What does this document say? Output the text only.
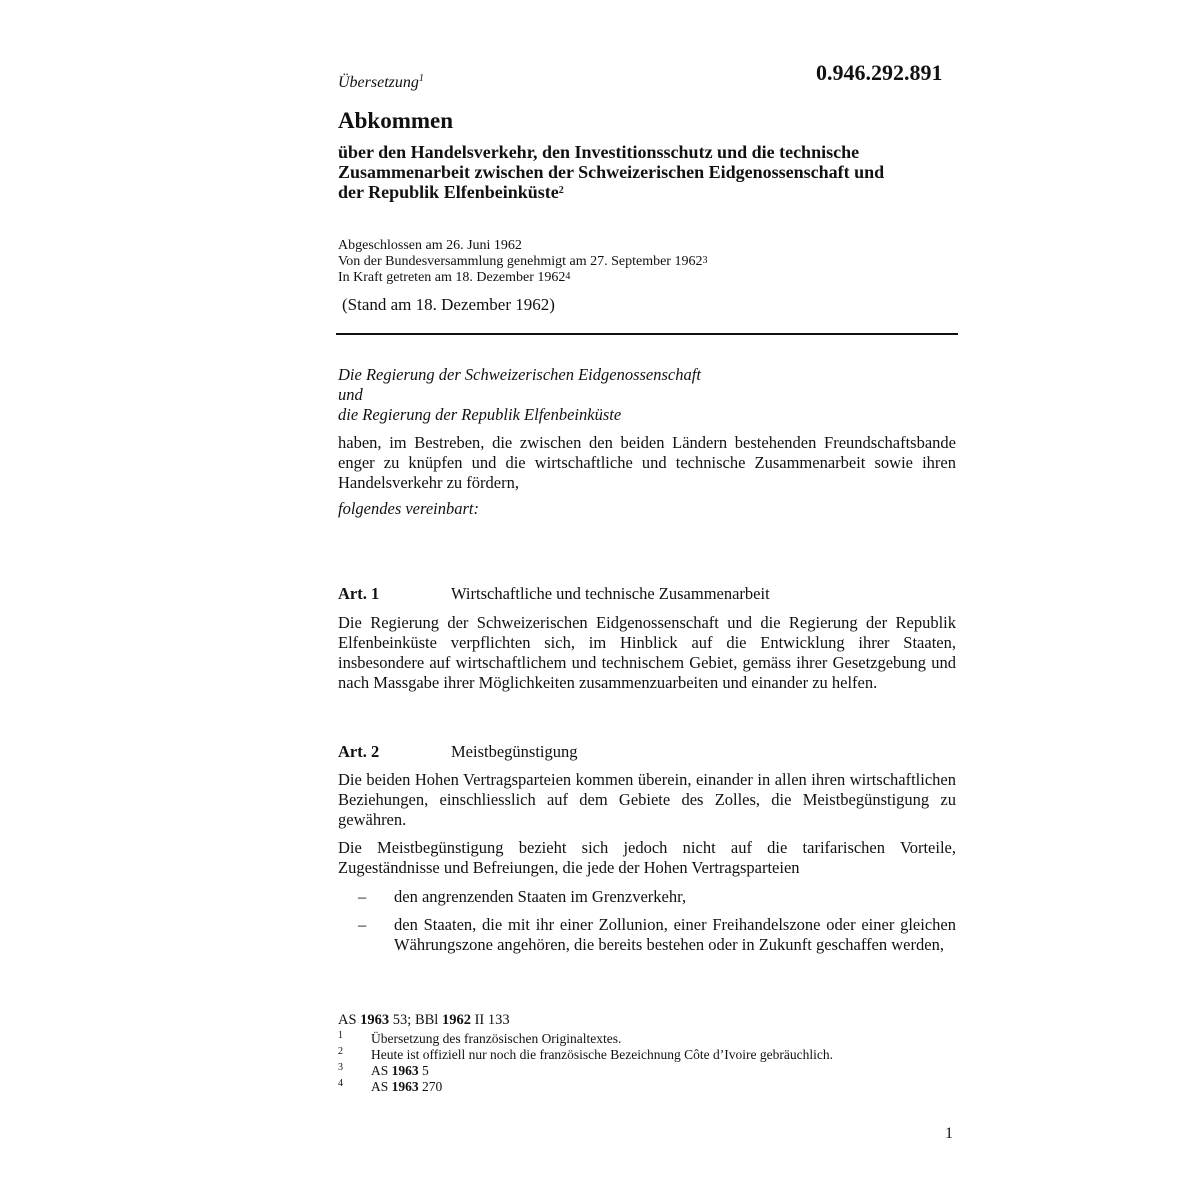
Übersetzung$^1$	0.946.292.891
Abkommen
über den Handelsverkehr, den Investitionsschutz und die technische
Zusammenarbeit zwischen der Schweizerischen Eidgenossenschaft und
der Republik Elfenbeinküste$^2$
Abgeschlossen am 26. Juni 1962
Von der Bundesversammlung genehmigt am 27. September 1962$^3$
In Kraft getreten am 18. Dezember 1962$^4$
(Stand am 18. Dezember 1962)
Die Regierung der Schweizerischen Eidgenossenschaft
und
die Regierung der Republik Elfenbeinküste
haben, im Bestreben, die zwischen den beiden Ländern bestehenden Freundschaftsbande enger zu knüpfen und die wirtschaftliche und technische Zusammenarbeit sowie ihren Handelsverkehr zu fördern,
folgendes vereinbart:
Art. 1	Wirtschaftliche und technische Zusammenarbeit
Die Regierung der Schweizerischen Eidgenossenschaft und die Regierung der Republik Elfenbeinküste verpflichten sich, im Hinblick auf die Entwicklung ihrer Staaten, insbesondere auf wirtschaftlichem und technischem Gebiet, gemäss ihrer Gesetzgebung und nach Massgabe ihrer Möglichkeiten zusammenzuarbeiten und einander zu helfen.
Art. 2	Meistbegünstigung
Die beiden Hohen Vertragsparteien kommen überein, einander in allen ihren wirtschaftlichen Beziehungen, einschliesslich auf dem Gebiete des Zolles, die Meistbegünstigung zu gewähren.
Die Meistbegünstigung bezieht sich jedoch nicht auf die tarifarischen Vorteile, Zugeständnisse und Befreiungen, die jede der Hohen Vertragsparteien
– den angrenzenden Staaten im Grenzverkehr,
– den Staaten, die mit ihr einer Zollunion, einer Freihandelszone oder einer gleichen Währungszone angehören, die bereits bestehen oder in Zukunft geschaffen werden,
AS 1963 53; BBl 1962 II 133
1 Übersetzung des französischen Originaltextes.
2 Heute ist offiziell nur noch die französische Bezeichnung Côte d’Ivoire gebräuchlich.
3 AS 1963 5
4 AS 1963 270
1
